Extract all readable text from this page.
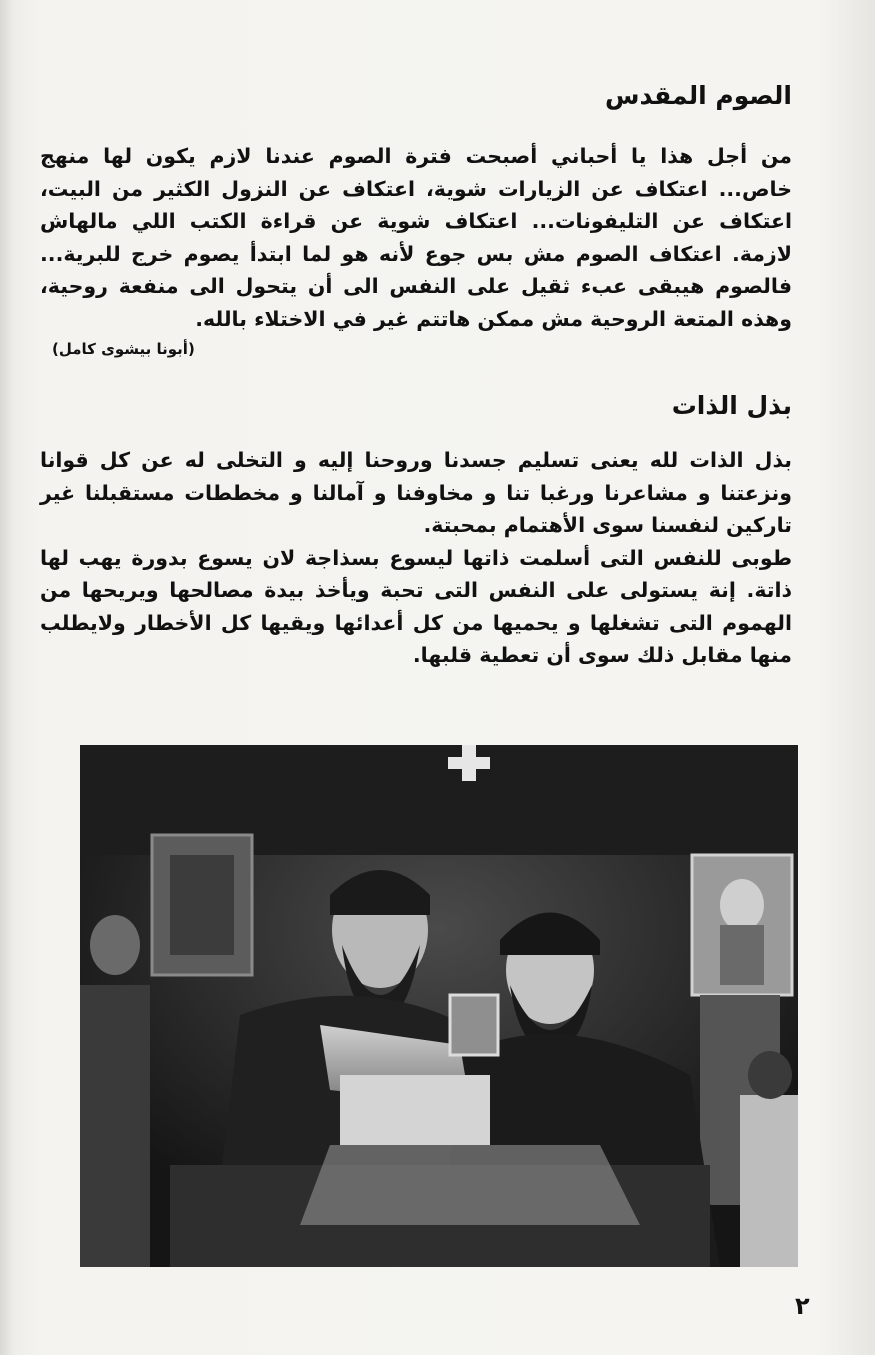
الصوم المقدس

من أجل هذا يا أحباني أصبحت فترة الصوم عندنا لازم يكون لها منهج خاص... اعتكاف عن الزيارات شوية، اعتكاف عن النزول الكثير من البيت، اعتكاف عن التليفونات... اعتكاف شوية عن قراءة الكتب اللي مالهاش لازمة. اعتكاف الصوم مش بس جوع لأنه هو لما ابتدأ يصوم خرج للبرية... فالصوم هيبقى عبء ثقيل على النفس الى أن يتحول الى منفعة روحية، وهذه المتعة الروحية مش ممكن هاتتم غير في الاختلاء بالله.

(أبونا بيشوى كامل)
بذل الذات

بذل الذات لله يعنى تسليم جسدنا وروحنا إليه و التخلى له عن كل قوانا ونزعتنا و مشاعرنا ورغبا تنا و مخاوفنا و آمالنا و مخططات مستقبلنا غير تاركين لنفسنا سوى الأهتمام بمحبتة.

طوبى للنفس التى أسلمت ذاتها ليسوع بسذاجة لان يسوع بدورة يهب لها ذاتة. إنة يستولى على النفس التى تحبة ويأخذ بيدة مصالحها ويريحها من الهموم التى تشغلها و يحميها من كل أعدائها ويقيها كل الأخطار ولايطلب منها مقابل ذلك سوى أن تعطية قلبها.

٢
